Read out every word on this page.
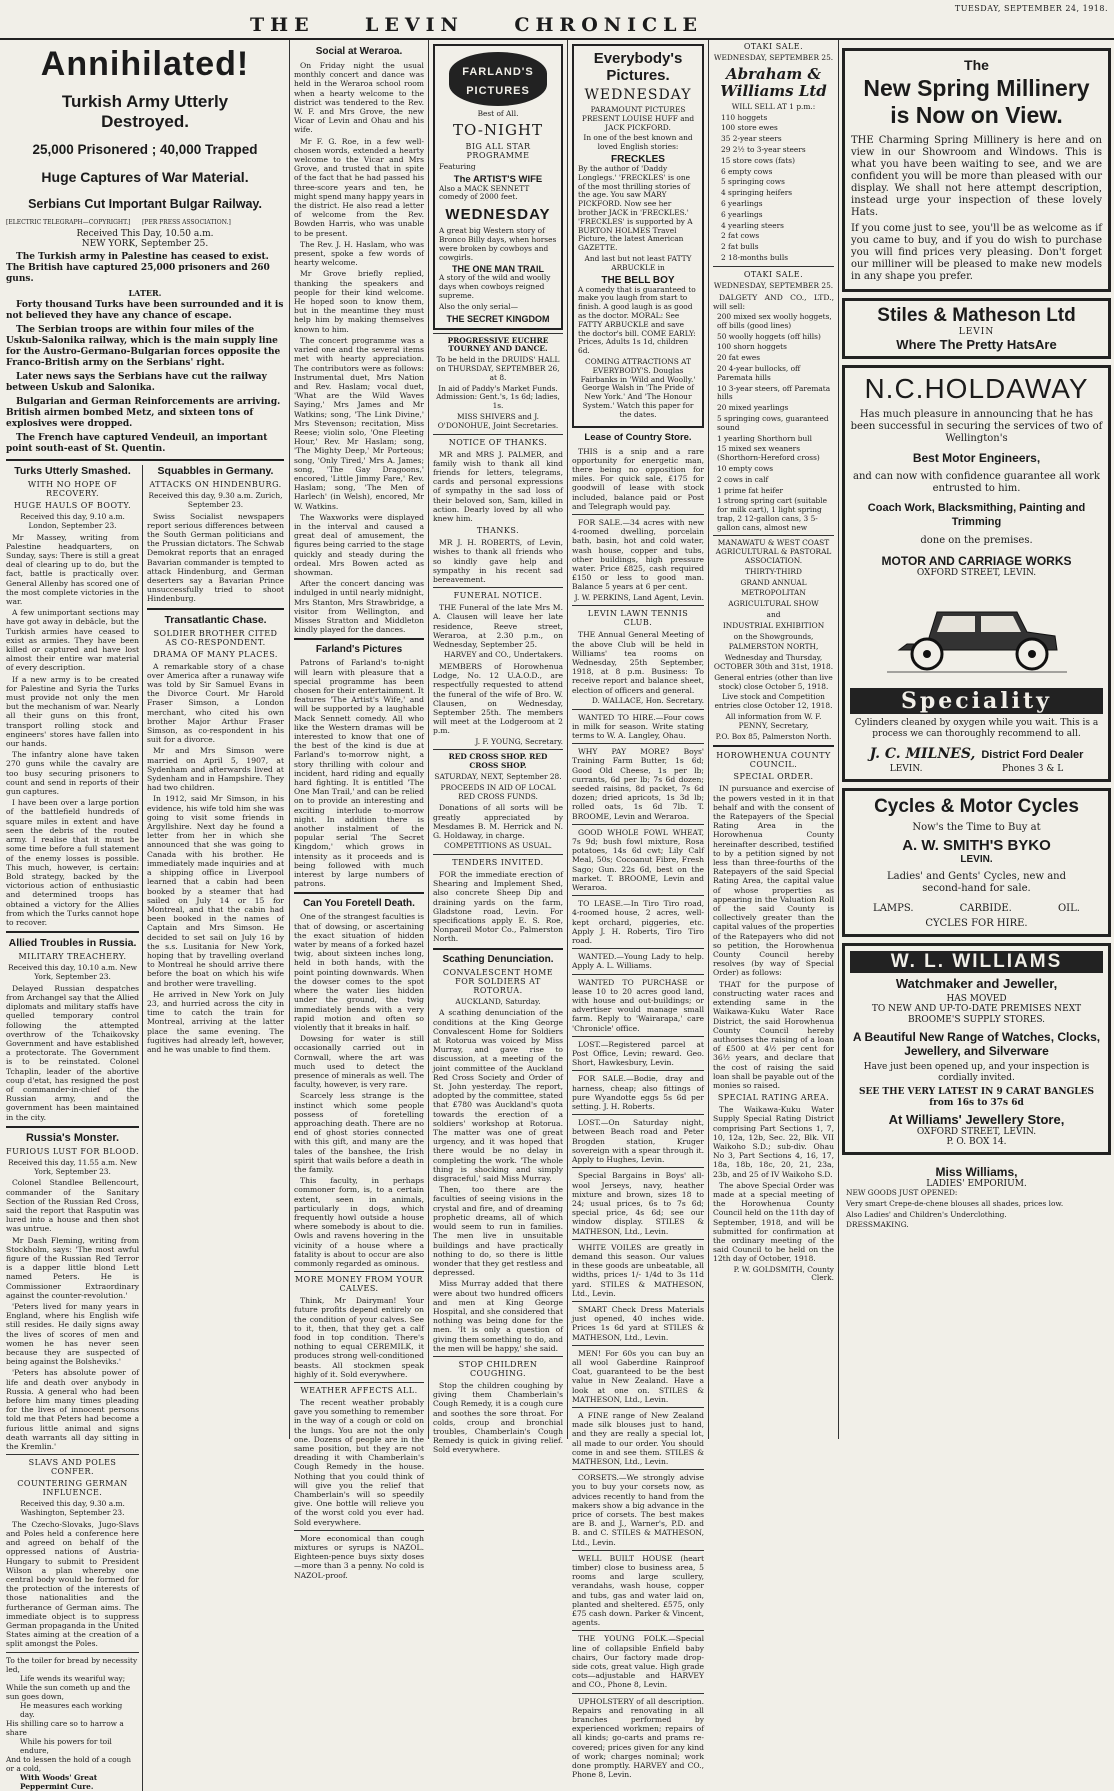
THE    LEVIN    CHRONICLE
TUESDAY, SEPTEMBER 24, 1918.
Annihilated!
Turkish Army Utterly Destroyed.
25,000 Prisonered ; 40,000 Trapped
Huge Captures of War Material.
Serbians Cut Important Bulgar Railway.
[ELECTRIC TELEGRAPH—COPYRIGHT.]      [PER PRESS ASSOCIATION.]
Received This Day, 10.50 a.m.
NEW YORK, September 25.
The Turkish army in Palestine has ceased to exist. The British have captured 25,000 prisoners and 260 guns.
LATER.
Forty thousand Turks have been surrounded and it is not believed they have any chance of escape.
The Serbian troops are within four miles of the Uskub-Salonika railway, which is the main supply line for the Austro-Germano-Bulgarian forces opposite the Franco-British army on the Serbians' right.
Later news says the Serbians have cut the railway between Uskub and Salonika.
Bulgarian and German Reinforcements are arriving. British airmen bombed Metz, and sixteen tons of explosives were dropped.
The French have captured Vendeuil, an important point south-east of St. Quentin.
Turks Utterly Smashed.
WITH NO HOPE OF RECOVERY.
HUGE HAULS OF BOOTY.
Received this day, 9.10 a.m. London, September 23.
Mr Massey, writing from Palestine headquarters, on Sunday, says: There is still a great deal of clearing up to do, but the fact, battle is practically over. General Allenby has scored one of the most complete victories in the war.
A few unimportant sections may have got away in debâcle, but the Turkish armies have ceased to exist as armies. They have been killed or captured and have lost almost their entire war material of every description.
If a new army is to be created for Palestine and Syria the Turks must provide not only the men but the mechanism of war. Nearly all their guns on this front, transport rolling stock and engineers' stores have fallen into our hands.
The infantry alone have taken 270 guns while the cavalry are too busy securing prisoners to count and send in reports of their gun captures.
I have been over a large portion of the battlefield hundreds of square miles in extent and have seen the debris of the routed army. I realise that it must be some time before a full statement of the enemy losses is possible. This much, however, is certain: Bold strategy, backed by the victorious action of enthusiastic and determined troops has obtained a victory for the Allies from which the Turks cannot hope to recover.
Allied Troubles in Russia.
MILITARY TREACHERY.
Received this day, 10.10 a.m. New York, September 23.
Delayed Russian despatches from Archangel say that the Allied diplomats and military staffs have quelled temporary control following the attempted overthrow of the Tchaikovsky Government and have established a protectorate. The Government is to be reinstated. Colonel Tchaplin, leader of the abortive coup d'etat, has resigned the post of commander-in-chief of the Russian army, and the government has been maintained in the city.
Russia's Monster.
FURIOUS LUST FOR BLOOD.
Received this day, 11.55 a.m. New York, September 23.
Colonel Standlee Bellencourt, commander of the Sanitary Section of the Russian Red Cross, said the report that Rasputin was lured into a house and then shot was untrue.
Mr Dash Fleming, writing from Stockholm, says: 'The most awful figure of the Russian Red Terror is a dapper little blond Lett named Peters. He is Commissioner Extraordinary against the counter-revolution.'
'Peters lived for many years in England, where his English wife still resides. He daily signs away the lives of scores of men and women he has never seen because they are suspected of being against the Bolsheviks.'
'Peters has absolute power of life and death over anybody in Russia. A general who had been before him many times pleading for the lives of innocent persons told me that Peters had become a furious little animal and signs death warrants all day sitting in the Kremlin.'
SLAVS AND POLES CONFER.
COUNTERING GERMAN INFLUENCE.
Received this day, 9.30 a.m. Washington, September 23.
The Czecho-Slovaks, Jugo-Slavs and Poles held a conference here and agreed on behalf of the oppressed nations of Austria-Hungary to submit to President Wilson a plan whereby one central body would be formed for the protection of the interests of those nationalities and the furtherance of German aims. The immediate object is to suppress German propaganda in the United States aiming at the creation of a split amongst the Poles.
To the toiler for bread by necessity led,
Life wends its weariful way;
While the sun cometh up and the sun goes down,
He measures each working day.
His shilling care so to harrow a share
While his powers for toil endure,
And to lessen the hold of a cough or a cold,
With Woods' Great Peppermint Cure.
Squabbles in Germany.
ATTACKS ON HINDENBURG.
Received this day, 9.30 a.m. Zurich, September 23.
Swiss Socialist newspapers report serious differences between the South German politicians and the Prussian dictators. The Schwab Demokrat reports that an enraged Bavarian commander is tempted to attack Hindenburg, and German deserters say a Bavarian Prince unsuccessfully tried to shoot Hindenburg.
Transatlantic Chase.
SOLDIER BROTHER CITED AS CO-RESPONDENT.
DRAMA OF MANY PLACES.
A remarkable story of a chase over America after a runaway wife was told by Sir Samuel Evans in the Divorce Court. Mr Harold Fraser Simson, a London merchant, who cited his own brother Major Arthur Fraser Simson, as co-respondent in his suit for a divorce.
Mr and Mrs Simson were married on April 5, 1907, at Sydenham and afterwards lived at Sydenham and in Hampshire. They had two children.
In 1912, said Mr Simson, in his evidence, his wife told him she was going to visit some friends in Argyllshire. Next day he found a letter from her in which she announced that she was going to Canada with his brother. He immediately made inquiries and at a shipping office in Liverpool learned that a cabin had been booked by a steamer that had sailed on July 14 or 15 for Montreal, and that the cabin had been booked in the names of Captain and Mrs Simson. He decided to set sail on July 16 by the s.s. Lusitania for New York, hoping that by travelling overland to Montreal he should arrive there before the boat on which his wife and brother were travelling.
He arrived in New York on July 23, and hurried across the city in time to catch the train for Montreal, arriving at the latter place the same evening. The fugitives had already left, however, and he was unable to find them.
Social at Weraroa.
On Friday night the usual monthly concert and dance was held in the Weraroa school room when a hearty welcome to the district was tendered to the Rev. W. F. and Mrs Grove, the new Vicar of Levin and Ohau and his wife.
Mr F. G. Roe, in a few well-chosen words, extended a hearty welcome to the Vicar and Mrs Grove, and trusted that in spite of the fact that he had passed his three-score years and ten, he might spend many happy years in the district. He also read a letter of welcome from the Rev. Bowden Harris, who was unable to be present.
The Rev. J. H. Haslam, who was present, spoke a few words of hearty welcome.
Mr Grove briefly replied, thanking the speakers and people for their kind welcome. He hoped soon to know them, but in the meantime they must help him by making themselves known to him.
The concert programme was a varied one and the several items met with hearty appreciation. The contributors were as follows: Instrumental duet, Mrs Nation and Rev. Haslam; vocal duet, 'What are the Wild Waves Saying,' Mrs James and Mr Watkins; song, 'The Link Divine,' Mrs Stevenson; recitation, Miss Reese; violin solo, 'One Fleeting Hour,' Rev. Mr Haslam; song, 'The Mighty Deep,' Mr Porteous; song, 'Only Tired,' Mrs A. James; song, 'The Gay Dragoons,' encored, 'Little Jimmy Fare,' Rev. Haslam; song, 'The Men of Harlech' (in Welsh), encored, Mr W. Watkins.
The Waxworks were displayed in the interval and caused a great deal of amusement, the figures being carried to the stage quickly and steady during the ordeal. Mrs Bowen acted as showman.
After the concert dancing was indulged in until nearly midnight, Mrs Stanton, Mrs Strawbridge, a visitor from Wellington, and Misses Stratton and Middleton kindly played for the dances.
Farland's Pictures
Patrons of Farland's to-night will learn with pleasure that a special programme has been chosen for their entertainment. It features 'The Artist's Wife,' and will be supported by a laughable Mack Sennett comedy. All who like the Western dramas will be interested to know that one of the best of the kind is due at Farland's to-morrow night, a story thrilling with colour and incident, hard riding and equally hard fighting. It is entitled 'The One Man Trail,' and can be relied on to provide an interesting and exciting interlude to-morrow night. In addition there is another instalment of the popular serial 'The Secret Kingdom,' which grows in intensity as it proceeds and is being followed with much interest by large numbers of patrons.
Can You Foretell Death.
One of the strangest faculties is that of dowsing, or ascertaining the exact situation of hidden water by means of a forked hazel twig, about sixteen inches long, held in both hands, with the point pointing downwards. When the dowser comes to the spot where the water lies hidden under the ground, the twig immediately bends with a very rapid motion and often so violently that it breaks in half.
Dowsing for water is still occasionally carried out in Cornwall, where the art was much used to detect the presence of minerals as well. The faculty, however, is very rare.
Scarcely less strange is the instinct which some people possess of foretelling approaching death. There are no end of ghost stories connected with this gift, and many are the tales of the banshee, the Irish spirit that wails before a death in the family.
This faculty, in perhaps commoner form, is, to a certain extent, seen in animals, particularly in dogs, which frequently howl outside a house where somebody is about to die. Owls and ravens hovering in the vicinity of a house where a fatality is about to occur are also commonly regarded as ominous.
MORE MONEY FROM YOUR CALVES.
Think, Mr Dairyman! Your future profits depend entirely on the condition of your calves. See to it, then, that they get a calf food in top condition. There's nothing to equal CEREMILK, it produces strong well-conditioned beasts. All stockmen speak highly of it. Sold everywhere.
WEATHER AFFECTS ALL.
The recent weather probably gave you something to remember in the way of a cough or cold on the lungs. You are not the only one. Dozens of people are in the same position, but they are not dreading it with Chamberlain's Cough Remedy in the house. Nothing that you could think of will give you the relief that Chamberlain's will so speedily give. One bottle will relieve you of the worst cold you ever had. Sold everywhere.
More economical than cough mixtures or syrups is NAZOL. Eighteen-pence buys sixty doses—more than 3 a penny. No cold is NAZOL-proof.
FARLAND'S PICTURES
Best of All.
TO-NIGHT
BIG ALL STAR PROGRAMME
Featuring
The ARTIST'S WIFE
Also a MACK SENNETT comedy of 2000 feet.
WEDNESDAY
A great big Western story of Bronco Billy days, when horses were broken by cowboys and cowgirls.
THE ONE MAN TRAIL
A story of the wild and woolly days when cowboys reigned supreme.
Also the only serial—
THE SECRET KINGDOM
PROGRESSIVE EUCHRE TOURNEY AND DANCE.
To be held in the DRUIDS' HALL on THURSDAY, SEPTEMBER 26, at 8.
In aid of Paddy's Market Funds. Admission: Gent.'s, 1s 6d; ladies, 1s.
MISS SHIVERS and J. O'DONOHUE, Joint Secretaries.
NOTICE OF THANKS.
MR and MRS J. PALMER, and family wish to thank all kind friends for letters, telegrams, cards and personal expressions of sympathy in the sad loss of their beloved son, Sam, killed in action. Dearly loved by all who knew him.
THANKS.
MR J. H. ROBERTS, of Levin, wishes to thank all friends who so kindly gave help and sympathy in his recent sad bereavement.
FUNERAL NOTICE.
THE Funeral of the late Mrs M. A. Clausen will leave her late residence, Reeve street, Weraroa, at 2.30 p.m., on Wednesday, September 25.
HARVEY and CO., Undertakers.
MEMBERS of Horowhenua Lodge, No. 12 U.A.O.D., are respectfully requested to attend the funeral of the wife of Bro. W. Clausen, on Wednesday, September 25th. The members will meet at the Lodgeroom at 2 p.m.
J. F. YOUNG, Secretary.
RED CROSS SHOP. RED CROSS SHOP.
SATURDAY, NEXT, September 28.
PROCEEDS IN AID OF LOCAL RED CROSS FUNDS.
Donations of all sorts will be greatly appreciated by Mesdames B. M. Herrick and N. G. Holdaway, in charge.
COMPETITIONS AS USUAL.
TENDERS INVITED.
FOR the immediate erection of Shearing and Implement Shed, also concrete Sheep Dip and draining yards on the farm, Gladstone road, Levin. For specifications apply E. S. Roe, Nonpareil Motor Co., Palmerston North.
Scathing Denunciation.
CONVALESCENT HOME FOR SOLDIERS AT ROTORUA.
AUCKLAND, Saturday.
A scathing denunciation of the conditions at the King George Convalescent Home for Soldiers at Rotorua was voiced by Miss Murray, and gave rise to discussion, at a meeting of the joint committee of the Auckland Red Cross Society and Order of St. John yesterday. The report, adopted by the committee, stated that £780 was Auckland's quota towards the erection of a soldiers' workshop at Rotorua. The matter was one of great urgency, and it was hoped that there would be no delay in completing the work. 'The whole thing is shocking and simply disgraceful,' said Miss Murray.
Then, too there are the faculties of seeing visions in the crystal and fire, and of dreaming prophetic dreams, all of which would seem to run in families. The men live in unsuitable buildings and have practically nothing to do, so there is little wonder that they get restless and depressed.
Miss Murray added that there were about two hundred officers and men at King George Hospital, and she considered that nothing was being done for the men. 'It is only a question of giving them something to do, and the men will be happy,' she said.
STOP CHILDREN COUGHING.
Stop the children coughing by giving them Chamberlain's Cough Remedy, it is a cough cure and soothes the sore throat. For colds, croup and bronchial troubles, Chamberlain's Cough Remedy is quick in giving relief. Sold everywhere.
Everybody's Pictures.
WEDNESDAY
PARAMOUNT PICTURES PRESENT LOUISE HUFF and JACK PICKFORD.
In one of the best known and loved English stories:
FRECKLES
By the author of 'Daddy Longlegs.' 'FRECKLES' is one of the most thrilling stories of the age. You saw MARY PICKFORD. Now see her brother JACK in 'FRECKLES.' 'FRECKLES' is supported by A BURTON HOLMES Travel Picture, the latest American GAZETTE.
And last but not least FATTY ARBUCKLE in
THE BELL BOY
A comedy that is guaranteed to make you laugh from start to finish. A good laugh is as good as the doctor. MORAL: See FATTY ARBUCKLE and save the doctor's bill. COME EARLY: Prices, Adults 1s 1d, children 6d.
COMING ATTRACTIONS AT EVERYBODY'S. Douglas Fairbanks in 'Wild and Woolly.' George Walsh in 'The Pride of New York.' And 'The Honour System.' Watch this paper for the dates.
Lease of Country Store.
THIS is a snip and a rare opportunity for energetic man, there being no opposition for miles. For quick sale, £175 for goodwill of lease with stock included, balance paid or Post and Telegraph would pay.
FOR SALE.—34 acres with new 4-roomed dwelling, porcelain bath, basin, hot and cold water, wash house, copper and tubs, other buildings, high pressure water. Price £825, cash required £150 or less to good man. Balance 5 years at 6 per cent.
J. W. PERKINS, Land Agent, Levin.
LEVIN LAWN TENNIS CLUB.
THE Annual General Meeting of the above Club will be held in Williams' tea rooms on Wednesday, 25th September, 1918, at 8 p.m. Business: To receive report and balance sheet, election of officers and general.
D. WALLACE, Hon. Secretary.
WANTED TO HIRE.—Four cows in milk for season. Write stating terms to W. A. Langley, Ohau.
WHY PAY MORE? Boys' Training Farm Butter, 1s 6d; Good Old Cheese, 1s per lb; currants, 6d per lb; 7s 6d dozen; seeded raisins, 8d packet, 7s 6d dozen; dried apricots, 1s 3d lb; rolled oats, 1s 6d 7lb. T. BROOME, Levin and Weraroa.
GOOD WHOLE FOWL WHEAT, 7s 9d; bush fowl mixture, Rosa potatoes, 14s 6d cwt; Lily Calf Meal, 50s; Cocoanut Fibre, Fresh Sago; Gun. 22s 6d, best on the market. T. BROOME, Levin and Weraroa.
TO LEASE.—In Tiro Tiro road, 4-roomed house, 2 acres, well-kept orchard, piggeries, etc. Apply J. H. Roberts, Tiro Tiro road.
WANTED.—Young Lady to help. Apply A. L. Williams.
WANTED TO PURCHASE or lease 10 to 20 acres good land, with house and out-buildings; or advertiser would manage small farm. Reply to 'Wairarapa,' care 'Chronicle' office.
LOST.—Registered parcel at Post Office, Levin; reward. Geo. Short, Hawkesbury, Levin.
FOR SALE.—Bodie, dray and harness, cheap; also fittings of pure Wyandotte eggs 5s 6d per setting. J. H. Roberts.
LOST.—On Saturday night, between Beach road and Peter Brogden station, Kruger sovereign with a spear through it. Apply to Hughes, Levin.
Special Bargains in Boys' all-wool Jerseys, navy, heather mixture and brown, sizes 18 to 24; usual prices, 6s to 7s 6d; special price, 4s 6d; see our window display. STILES & MATHESON, Ltd., Levin.
WHITE VOILES are greatly in demand this season. Our values in these goods are unbeatable, all widths, prices 1/- 1/4d to 3s 11d yard. STILES & MATHESON, Ltd., Levin.
SMART Check Dress Materials just opened, 40 inches wide. Prices 1s 6d yard at STILES & MATHESON, Ltd., Levin.
MEN! For 60s you can buy an all wool Gaberdine Rainproof Coat, guaranteed to be the best value in New Zealand. Have a look at one on. STILES & MATHESON, Ltd., Levin.
A FINE range of New Zealand made silk blouses just to hand, and they are really a special lot, all made to our order. You should come in and see them. STILES & MATHESON, Ltd., Levin.
CORSETS.—We strongly advise you to buy your corsets now, as advices recently to hand from the makers show a big advance in the price of corsets. The best makes are B. and J., Warner's, P.D. and B. and C. STILES & MATHESON, Ltd., Levin.
WELL BUILT HOUSE (heart timber) close to business area, 5 rooms and large scullery, verandahs, wash house, copper and tubs, gas and water laid on, planted and sheltered. £575, only £75 cash down. Parker & Vincent, agents.
THE YOUNG FOLK.—Special line of collapsible Enfield baby chairs, Our factory made drop-side cots, great value. High grade cots—adjustable and HARVEY and CO., Phone 8, Levin.
UPHOLSTERY of all description. Repairs and renovating in all branches performed by experienced workmen; repairs of all kinds; go-carts and prams re-covered; prices given for any kind of work; charges nominal; work done promptly. HARVEY and CO., Phone 8, Levin.
OTAKI SALE.
WEDNESDAY, SEPTEMBER 25.
Abraham & Williams Ltd
WILL SELL AT 1 p.m.:
110 hoggets
100 store ewes
35 2-year steers
29 2½ to 3-year steers
15 store cows (fats)
6 empty cows
5 springing cows
4 springing heifers
6 yearlings
6 yearlings
4 yearling steers
2 fat cows
2 fat bulls
2 18-months bulls
OTAKI SALE.
WEDNESDAY, SEPTEMBER 25.
DALGETY AND CO., LTD., will sell:
200 mixed sex woolly hoggets, off bills (good lines)
50 woolly hoggets (off hills)
100 shorn hoggets
20 fat ewes
20 4-year bullocks, off Paremata hills
10 3-year steers, off Paremata hills
20 mixed yearlings
5 springing cows, guaranteed sound
1 yearling Shorthorn bull
15 mixed sex weaners (Shorthorn-Hereford cross)
10 empty cows
2 cows in calf
1 prime fat heifer
1 strong spring cart (suitable for milk cart), 1 light spring trap, 2 12-gallon cans, 3 5-gallon cans, almost new
MANAWATU & WEST COAST AGRICULTURAL & PASTORAL ASSOCIATION.
THIRTY-THIRD
GRAND ANNUAL
METROPOLITAN
AGRICULTURAL SHOW
and
INDUSTRIAL EXHIBITION
on the Showgrounds,
PALMERSTON NORTH,
Wednesday and Thursday, OCTOBER 30th and 31st, 1918.
General entries (other than live stock) close October 5, 1918.
Live stock and Competition entries close October 12, 1918.
All information from W. F. PENNY, Secretary,
P.O. Box 85, Palmerston North.
HOROWHENUA COUNTY COUNCIL.
SPECIAL ORDER.
IN pursuance and exercise of the powers vested in it in that behalf and with the consent of the Ratepayers of the Special Rating Area in the Horowhenua County hereinafter described, testified to by a petition signed by not less than three-fourths of the Ratepayers of the said Special Rating Area, the capital value of whose properties as appearing in the Valuation Roll of the said County is collectively greater than the capital values of the properties of the Ratepayers who did not so petition, the Horowhenua County Council hereby resolves (by way of Special Order) as follows:
THAT for the purpose of constructing water races and extending same in the Waikawa-Kuku Water Race District, the said Horowhenua County Council hereby authorises the raising of a loan of £500 at 4½ per cent for 36½ years, and declare that the cost of raising the said loan shall be payable out of the monies so raised.
SPECIAL RATING AREA.
The Waikawa-Kuku Water Supply Special Rating District comprising Part Sections 1, 7, 10, 12a, 12b, Sec. 22, Blk. VII Waikoho S.D.; sub-div. Ohau No 3, Part Sections 4, 16, 17, 18a, 18b, 18c, 20, 21, 23a, 23b, and 25 of IV Waikoho S.D.
The above Special Order was made at a special meeting of the Horowhenua County Council held on the 11th day of September, 1918, and will be submitted for confirmation at the ordinary meeting of the said Council to be held on the 12th day of October, 1918.
P. W. GOLDSMITH, County Clerk.
The
New Spring Millinery is Now on View.
THE Charming Spring Millinery is here and on view in our Showroom and Windows. This is what you have been waiting to see, and we are confident you will be more than pleased with our display. We shall not here attempt description, instead urge your inspection of these lovely Hats.
If you come just to see, you'll be as welcome as if you came to buy, and if you do wish to purchase you will find prices very pleasing. Don't forget our milliner will be pleased to make new models in any shape you prefer.
Stiles & Matheson Ltd
LEVIN
Where The Pretty HatsAre
N.C.HOLDAWAY
Has much pleasure in announcing that he has been successful in securing the services of two of Wellington's
Best Motor Engineers,
and can now with confidence guarantee all work entrusted to him.
Coach Work, Blacksmithing, Painting and Trimming
done on the premises.
MOTOR AND CARRIAGE WORKS
OXFORD STREET, LEVIN.
Speciality
Cylinders cleaned by oxygen while you wait. This is a process we can thoroughly recommend to all.
J. C. MILNES, District Ford Dealer
LEVIN.	Phones 3 & L
Cycles & Motor Cycles
Now's the Time to Buy at
A. W. SMITH'S BYKO
LEVIN.
Ladies' and Gents' Cycles, new and second-hand for sale.
LAMPS.	CARBIDE.	OIL.
CYCLES FOR HIRE.
W. L. WILLIAMS
Watchmaker and Jeweller,
HAS MOVED
TO NEW AND UP-TO-DATE PREMISES NEXT BROOME'S SUPPLY STORES.
A Beautiful New Range of Watches, Clocks, Jewellery, and Silverware
Have just been opened up, and your inspection is cordially invited.
SEE THE VERY LATEST IN 9 CARAT BANGLES from 16s to 37s 6d
At Williams' Jewellery Store,
OXFORD STREET, LEVIN.
P. O. BOX 14.
Miss Williams,
LADIES' EMPORIUM.
NEW GOODS JUST OPENED:
Very smart Crepe-de-chene blouses all shades, prices low.
Also Ladies' and Children's Underclothing.
DRESSMAKING.
